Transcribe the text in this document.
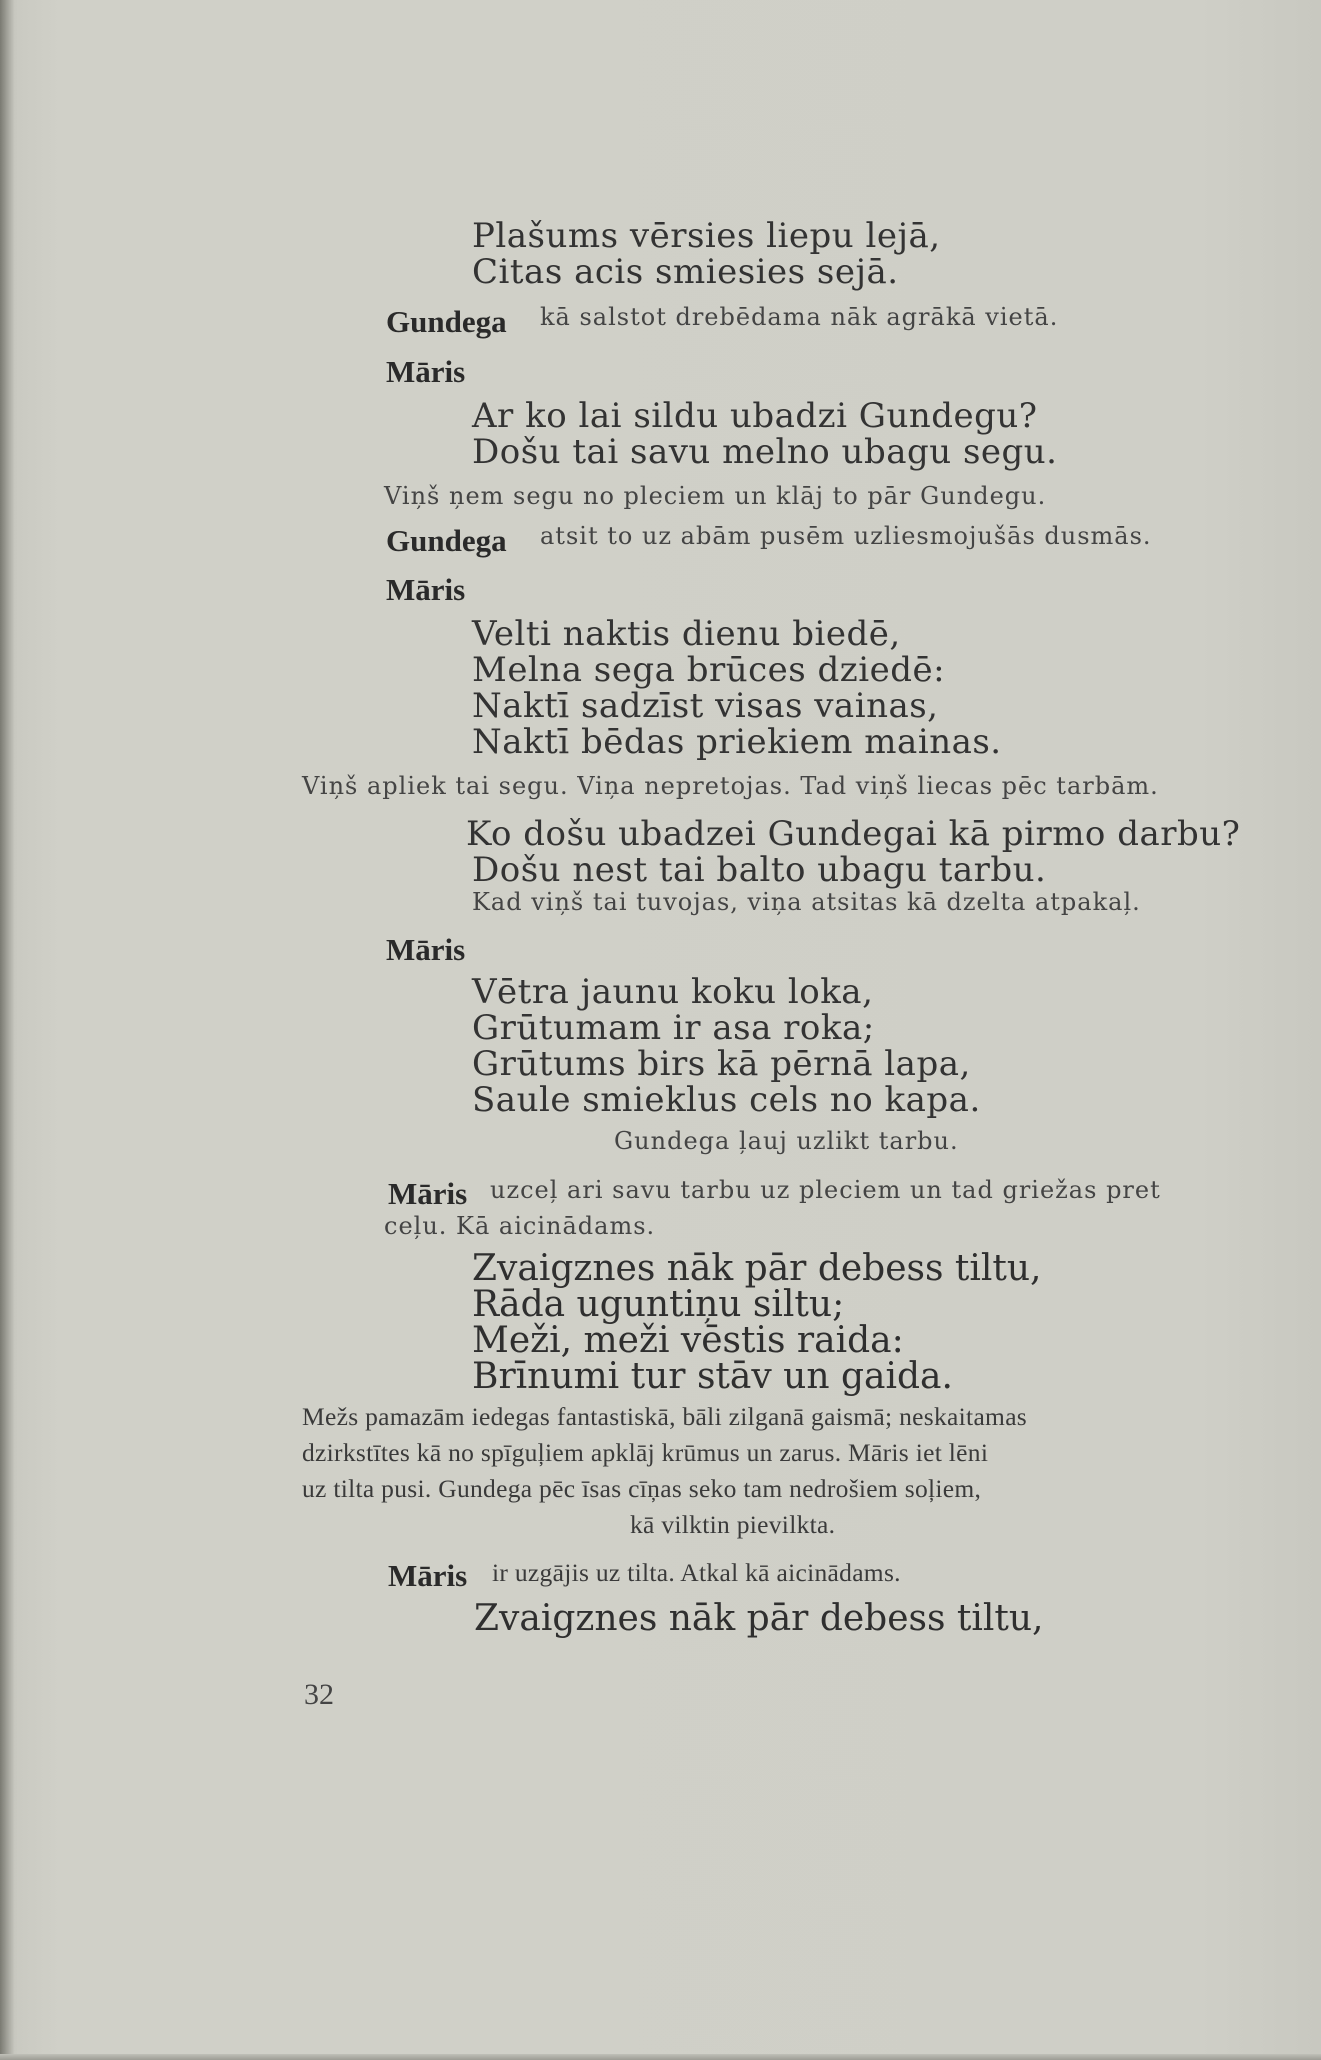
Plašums vērsies liepu lejā,

Citas acis smiesies sejā.

Gundega kā salstot drebēdama nāk agrākā vietā.

Māris

Ar ko lai sildu ubadzi Gundegu?

Došu tai savu melno ubagu segu.

Viņš ņem segu no pleciem un klāj to pār Gundegu.

Gundega atsit to uz abām pusēm uzliesmojušās dusmās.

Māris

Velti naktis dienu biedē,

Melna sega brūces dziedē:

Naktī sadzīst visas vainas,

Naktī bēdas priekiem mainas.

Viņš apliek tai segu. Viņa nepretojas. Tad viņš liecas pēc tarbām.

Ko došu ubadzei Gundegai kā pirmo darbu?

Došu nest tai balto ubagu tarbu.

Kad viņš tai tuvojas, viņa atsitas kā dzelta atpakaļ.

Māris

Vētra jaunu koku loka,

Grūtumam ir asa roka;

Grūtums birs kā pērnā lapa,

Saule smieklus cels no kapa.

Gundega ļauj uzlikt tarbu.

Māris uzceļ ari savu tarbu uz pleciem un tad griežas pret

ceļu. Kā aicinādams.

Zvaigznes nāk pār debess tiltu,

Rāda uguntiņu siltu;

Meži, meži vēstis raida:

Brīnumi tur stāv un gaida.

Mežs pamazām iedegas fantastiskā, bāli zilganā gaismā; neskaitamas

dzirkstītes kā no spīguļiem apklāj krūmus un zarus. Māris iet lēni

uz tilta pusi. Gundega pēc īsas cīņas seko tam nedrošiem soļiem,

kā vilktin pievilkta.

Māris ir uzgājis uz tilta. Atkal kā aicinādams.

Zvaigznes nāk pār debess tiltu,

32
